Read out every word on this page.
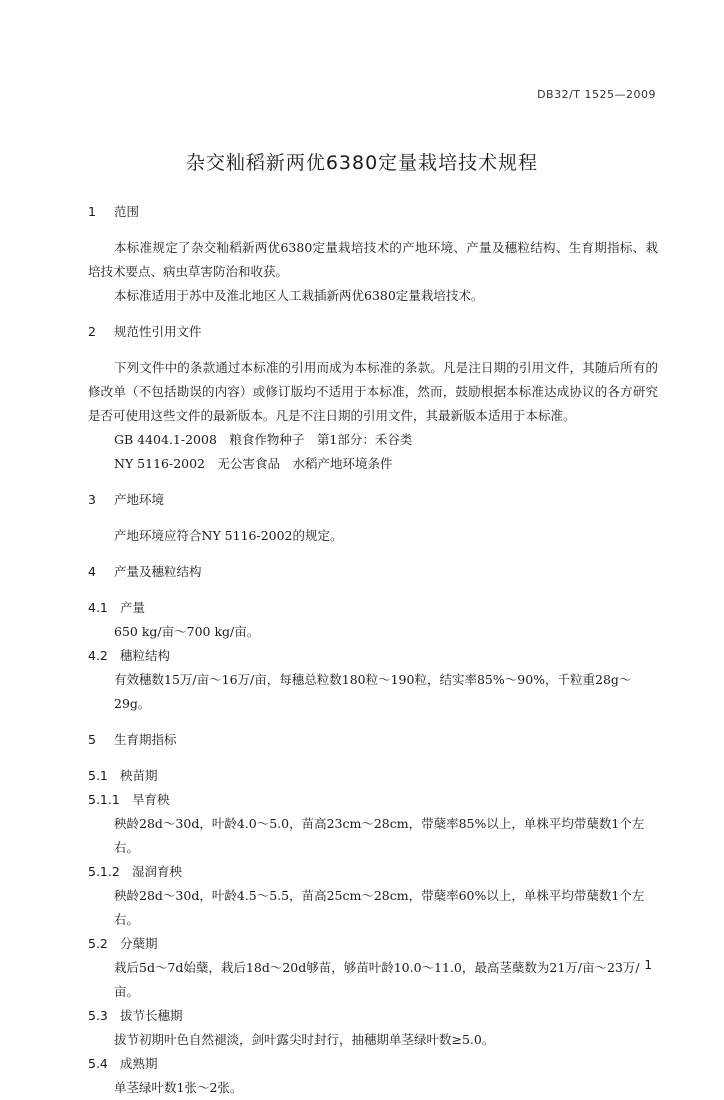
DB32/T 1525—2009
杂交籼稻新两优6380定量栽培技术规程
1 范围
本标准规定了杂交籼稻新两优6380定量栽培技术的产地环境、产量及穗粒结构、生育期指标、栽培技术要点、病虫草害防治和收获。
本标准适用于苏中及淮北地区人工栽插新两优6380定量栽培技术。
2 规范性引用文件
下列文件中的条款通过本标准的引用而成为本标准的条款。凡是注日期的引用文件，其随后所有的修改单（不包括勘误的内容）或修订版均不适用于本标准，然而，鼓励根据本标准达成协议的各方研究是否可使用这些文件的最新版本。凡是不注日期的引用文件，其最新版本适用于本标准。
GB 4404.1-2008　粮食作物种子　第1部分：禾谷类
NY 5116-2002　无公害食品　水稻产地环境条件
3 产地环境
产地环境应符合NY 5116-2002的规定。
4 产量及穗粒结构
4.1 产量
650 kg/亩～700 kg/亩。
4.2 穗粒结构
有效穗数15万/亩～16万/亩，每穗总粒数180粒～190粒，结实率85%～90%，千粒重28g～29g。
5 生育期指标
5.1 秧苗期
5.1.1 旱育秧
秧龄28d～30d，叶龄4.0～5.0，苗高23cm～28cm，带蘖率85%以上，单株平均带蘖数1个左右。
5.1.2 湿润育秧
秧龄28d～30d，叶龄4.5～5.5，苗高25cm～28cm，带蘖率60%以上，单株平均带蘖数1个左右。
5.2 分蘖期
栽后5d～7d始蘖，栽后18d～20d够苗，够苗叶龄10.0～11.0，最高茎蘖数为21万/亩～23万/亩。
5.3 拔节长穗期
拔节初期叶色自然褪淡，剑叶露尖时封行，抽穗期单茎绿叶数≥5.0。
5.4 成熟期
单茎绿叶数1张～2张。
1
